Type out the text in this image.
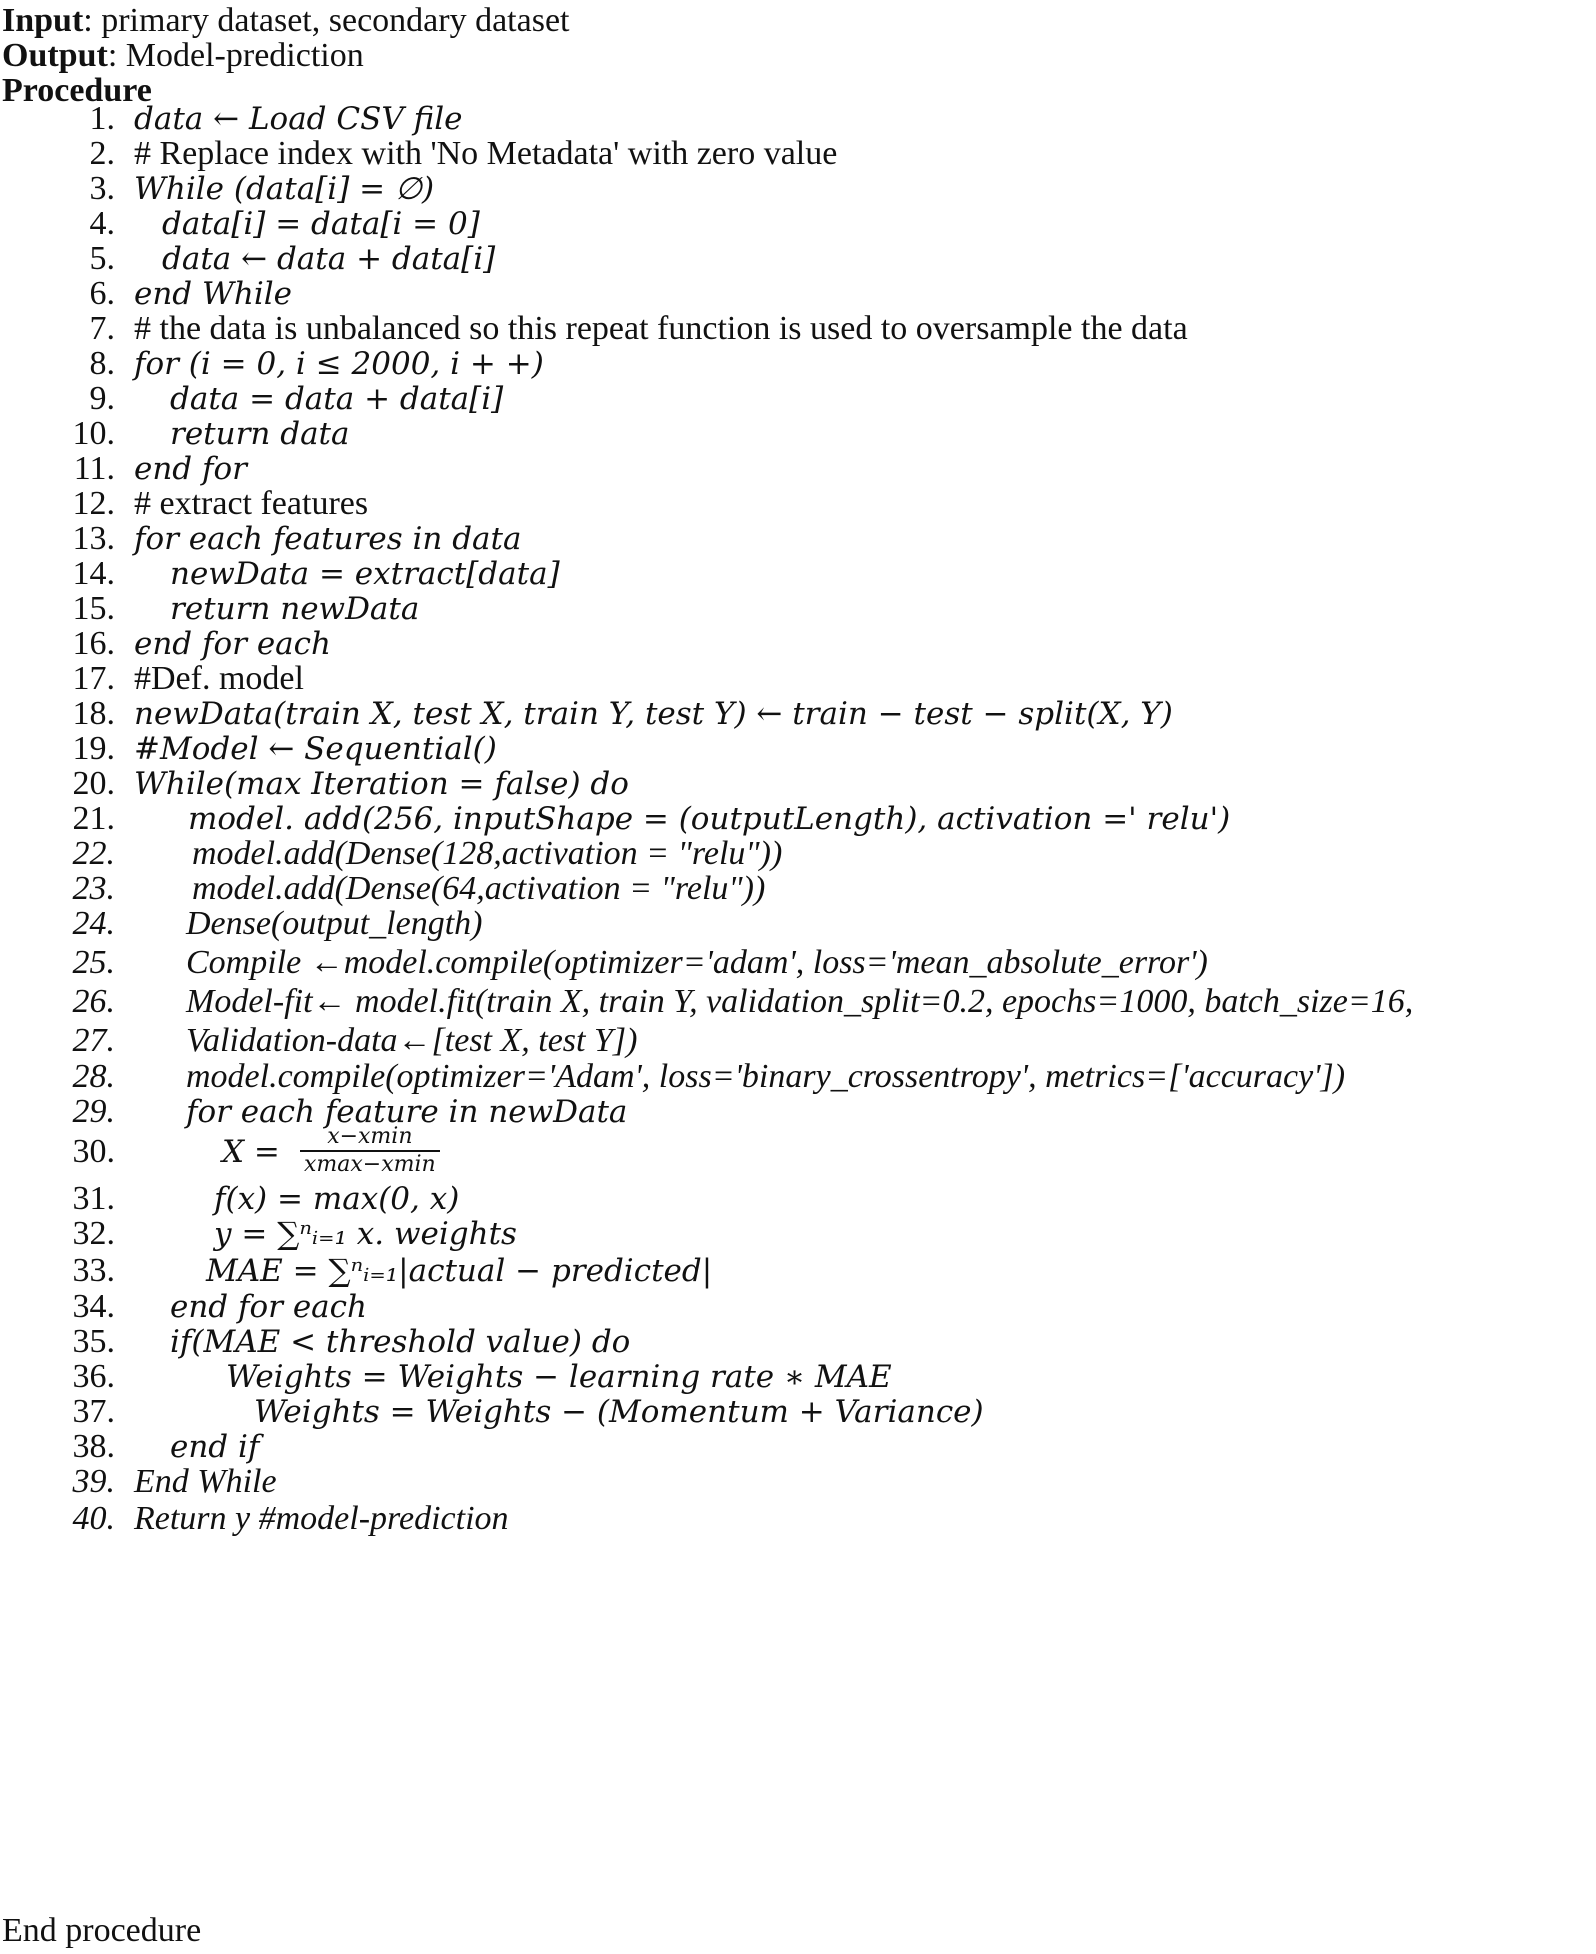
Input: primary dataset, secondary dataset
Output: Model-prediction
Procedure
1. data ← Load CSV file
2. # Replace index with 'No Metadata' with zero value
3. While (data[i] = ∅)
4. data[i] = data[i = 0]
5. data ← data + data[i]
6. end While
7. # the data is unbalanced so this repeat function is used to oversample the data
8. for (i = 0, i ≤ 2000, i + +)
9. data = data + data[i]
10. return data
11. end for
12. # extract features
13. for each features in data
14. newData = extract[data]
15. return newData
16. end for each
17. #Def. model
18. newData(train X, test X, train Y, test Y) ← train − test − split(X, Y)
19. #Model ← Sequential()
20. While(max Iteration = false) do
21. model. add(256, inputShape = (outputLength), activation =' relu')
22. model.add(Dense(128,activation = "relu"))
23. model.add(Dense(64,activation = "relu"))
24. Dense(output_length)
25. Compile ←model.compile(optimizer='adam', loss='mean_absolute_error')
26. Model-fit← model.fit(train X, train Y, validation_split=0.2, epochs=1000, batch_size=16,
27. Validation-data←[test X, test Y])
28. model.compile(optimizer='Adam', loss='binary_crossentropy', metrics=['accuracy'])
29. for each feature in newData
30.	X =	x−xmin
xmax−xmin
31.	f(x) = max(0, x)
32.	y = ∑ⁿᵢ₌₁ x. weights
33.	MAE = ∑ⁿᵢ₌₁|actual − predicted|
34. end for each
35. if(MAE < threshold value) do
36.	Weights = Weights − learning rate ∗ MAE
37.	Weights = Weights − (Momentum + Variance)
38. end if
39. End While
40. Return y #model-prediction
End procedure
